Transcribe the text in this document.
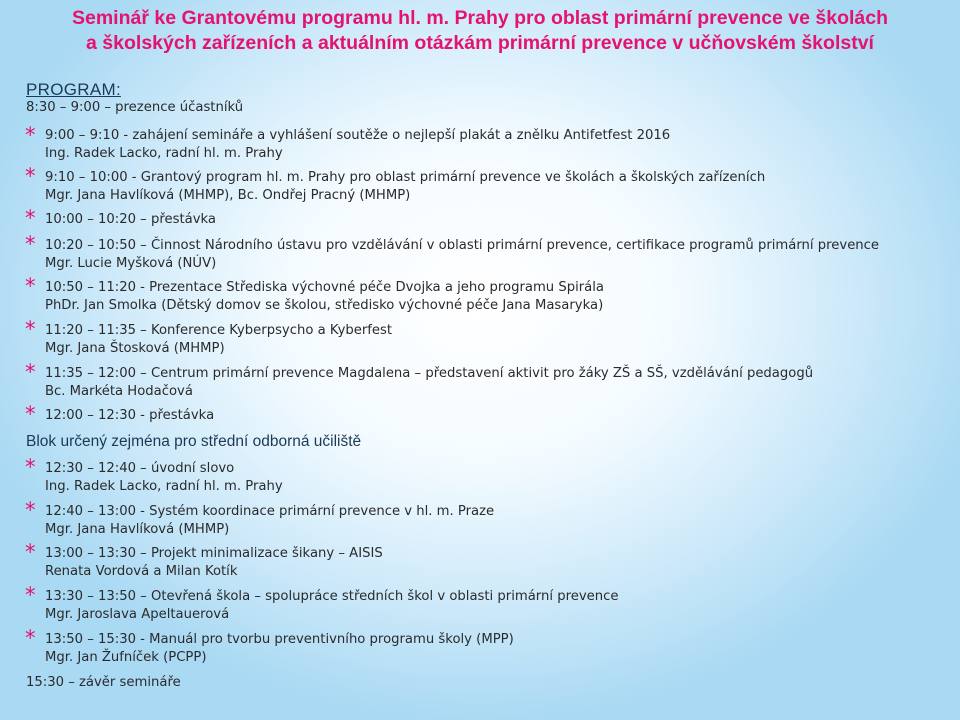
Seminář ke Grantovému programu hl. m. Prahy pro oblast primární prevence ve školách
a školských zařízeních a aktuálním otázkám primární prevence v učňovském školství
PROGRAM:
8:30 – 9:00 – prezence účastníků
* 9:00 – 9:10 - zahájení semináře a vyhlášení soutěže o nejlepší plakát a znělku Antifetfest 2016
Ing. Radek Lacko, radní hl. m. Prahy
* 9:10 – 10:00 - Grantový program hl. m. Prahy pro oblast primární prevence ve školách a školských zařízeních
Mgr. Jana Havlíková (MHMP), Bc. Ondřej Pracný (MHMP)
* 10:00 – 10:20 – přestávka
* 10:20 – 10:50 – Činnost Národního ústavu pro vzdělávání v oblasti primární prevence, certifikace programů primární prevence
Mgr. Lucie Myšková (NÚV)
* 10:50 – 11:20 - Prezentace Střediska výchovné péče Dvojka a jeho programu Spirála
PhDr. Jan Smolka (Dětský domov se školou, středisko výchovné péče Jana Masaryka)
* 11:20 – 11:35 – Konference Kyberpsycho a Kyberfest
Mgr. Jana Štosková (MHMP)
* 11:35 – 12:00 – Centrum primární prevence Magdalena – představení aktivit pro žáky ZŠ a SŠ, vzdělávání pedagogů
Bc. Markéta Hodačová
* 12:00 – 12:30 - přestávka
Blok určený zejména pro střední odborná učiliště
* 12:30 – 12:40 – úvodní slovo
Ing. Radek Lacko, radní hl. m. Prahy
* 12:40 – 13:00 - Systém koordinace primární prevence v hl. m. Praze
Mgr. Jana Havlíková (MHMP)
* 13:00 – 13:30 – Projekt minimalizace šikany – AISIS
Renata Vordová a Milan Kotík
* 13:30 – 13:50 – Otevřená škola – spolupráce středních škol v oblasti primární prevence
Mgr. Jaroslava Apeltauerová
* 13:50 – 15:30 - Manuál pro tvorbu preventivního programu školy (MPP)
Mgr. Jan Žufníček (PCPP)
15:30 – závěr semináře
